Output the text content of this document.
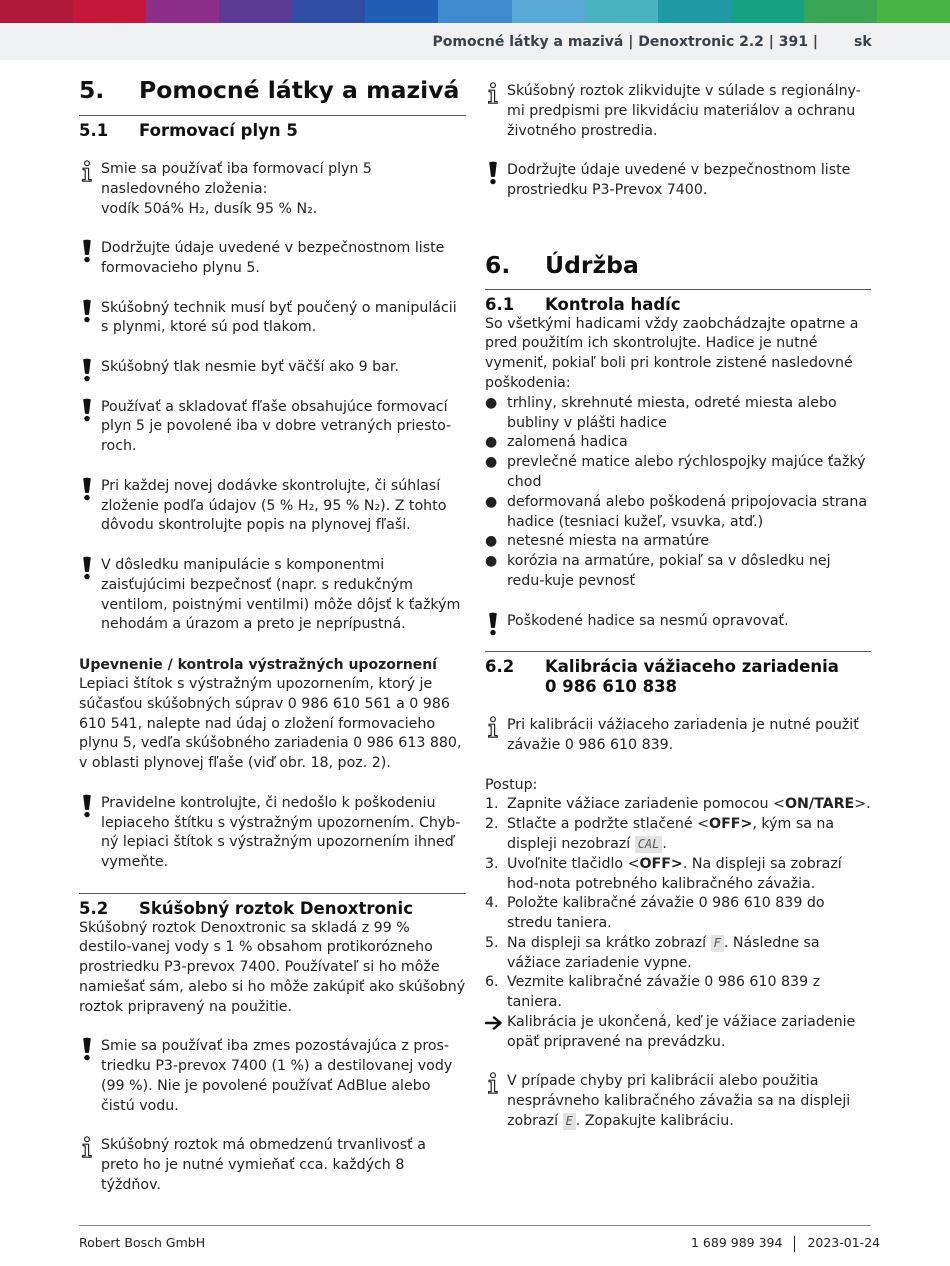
Pomocné látky a mazivá | Denoxtronic 2.2 | 391 |	sk
5.	Pomocné látky a mazivá
5.1	Formovací plyn 5
Smie sa používať iba formovací plyn 5 nasledovného zloženia:
vodík 50á% H₂, dusík 95 % N₂.
Dodržujte údaje uvedené v bezpečnostnom liste formovacieho plynu 5.
Skúšobný technik musí byť poučený o manipulácii s plynmi, ktoré sú pod tlakom.
Skúšobný tlak nesmie byť väčší ako 9 bar.
Používať a skladovať fľaše obsahujúce formovací plyn 5 je povolené iba v dobre vetraných priesto-roch.
Pri každej novej dodávke skontrolujte, či súhlasí zloženie podľa údajov (5 % H₂, 95 % N₂). Z tohto dôvodu skontrolujte popis na plynovej fľaši.
V dôsledku manipulácie s komponentmi zaisťujúcimi bezpečnosť (napr. s redukčným ventilom, poistnými ventilmi) môže dôjsť k ťažkým nehodám a úrazom a preto je neprípustná.
Upevnenie / kontrola výstražných upozornení
Lepiaci štítok s výstražným upozornením, ktorý je súčasťou skúšobných súprav 0 986 610 561 a 0 986 610 541, nalepte nad údaj o zložení formovacieho plynu 5, vedľa skúšobného zariadenia 0 986 613 880, v oblasti plynovej fľaše (viď obr. 18, poz. 2).
Pravidelne kontrolujte, či nedošlo k poškodeniu lepiaceho štítku s výstražným upozornením. Chyb-ný lepiaci štítok s výstražným upozornením ihneď vymeňte.
5.2	Skúšobný roztok Denoxtronic
Skúšobný roztok Denoxtronic sa skladá z 99 % destilo-vanej vody s 1 % obsahom protikorózneho prostriedku P3-prevox 7400. Používateľ si ho môže namiešať sám, alebo si ho môže zakúpiť ako skúšobný roztok pripravený na použitie.
Smie sa používať iba zmes pozostávajúca z pros-triedku P3-prevox 7400 (1 %) a destilovanej vody (99 %). Nie je povolené používať AdBlue alebo čistú vodu.
Skúšobný roztok má obmedzenú trvanlivosť a preto ho je nutné vymieňať cca. každých 8 týždňov.
Skúšobný roztok zlikvidujte v súlade s regionálny-mi predpismi pre likvidáciu materiálov a ochranu životného prostredia.
Dodržujte údaje uvedené v bezpečnostnom liste prostriedku P3-Prevox 7400.
6.	Údržba
6.1	Kontrola hadíc
So všetkými hadicami vždy zaobchádzajte opatrne a pred použitím ich skontrolujte. Hadice je nutné vymeniť, pokiaľ boli pri kontrole zistené nasledovné poškodenia:
● trhliny, skrehnuté miesta, odreté miesta alebo bubliny v plášti hadice
● zalomená hadica
● prevlečné matice alebo rýchlospojky majúce ťažký chod
● deformovaná alebo poškodená pripojovacia strana hadice (tesniaci kužeľ, vsuvka, atď.)
● netesné miesta na armatúre
● korózia na armatúre, pokiaľ sa v dôsledku nej redu-kuje pevnosť
Poškodené hadice sa nesmú opravovať.
6.2	Kalibrácia vážiaceho zariadenia
0 986 610 838
Pri kalibrácii vážiaceho zariadenia je nutné použiť závažie 0 986 610 839.
Postup:
1. Zapnite vážiace zariadenie pomocou <ON/TARE>.
2. Stlačte a podržte stlačené <OFF>, kým sa na displeji nezobrazí CAL .
3. Uvoľnite tlačidlo <OFF>. Na displeji sa zobrazí hod-nota potrebného kalibračného závažia.
4. Položte kalibračné závažie 0 986 610 839 do stredu taniera.
5. Na displeji sa krátko zobrazí F . Následne sa vážiace zariadenie vypne.
6. Vezmite kalibračné závažie 0 986 610 839 z taniera.
Kalibrácia je ukončená, keď je vážiace zariadenie opäť pripravené na prevádzku.
V prípade chyby pri kalibrácii alebo použitia nesprávneho kalibračného závažia sa na displeji zobrazí E . Zopakujte kalibráciu.
Robert Bosch GmbH	1 689 989 394 2023-01-24
